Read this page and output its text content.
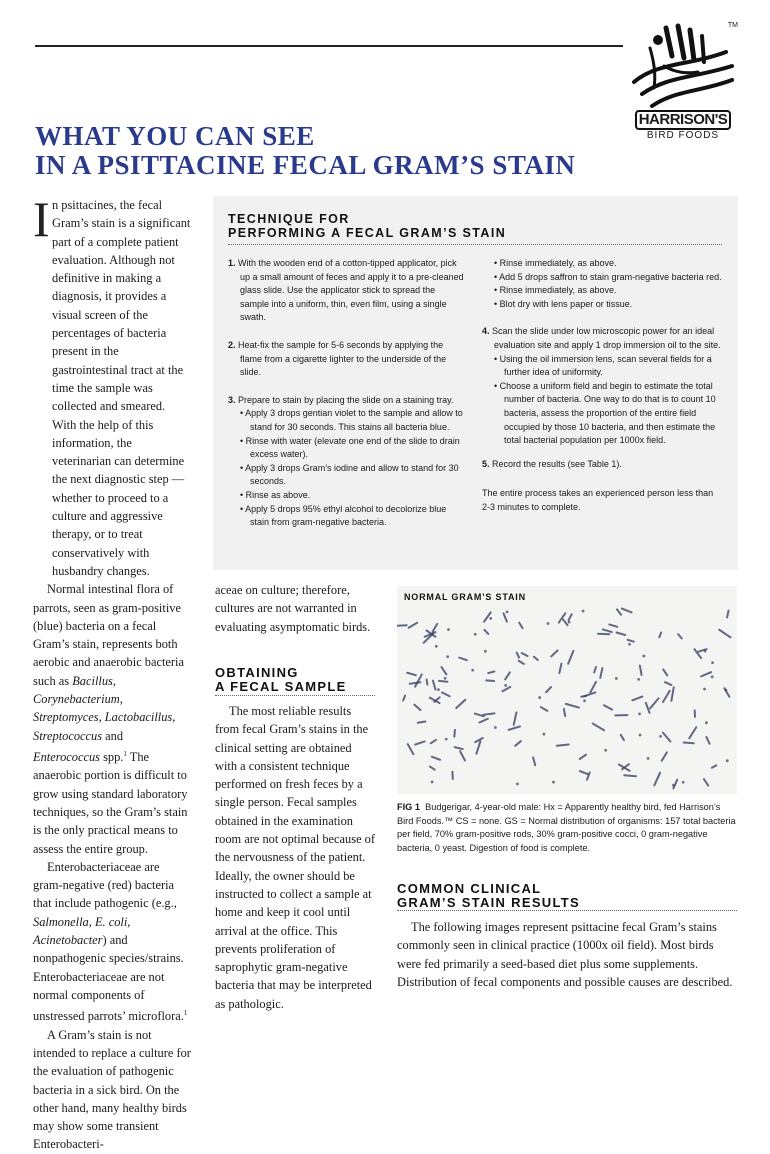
TM
HARRISON'S
BIRD FOODS
WHAT YOU CAN SEE
IN A PSITTACINE FECAL GRAM’S STAIN
I n psittacines, the fecal Gram’s stain is a significant part of a complete patient evaluation. Although not definitive in making a diagnosis, it provides a visual screen of the percentages of bacteria present in the gastrointestinal tract at the time the sample was collected and smeared. With the help of this information, the veterinarian can determine the next diagnostic step — whether to proceed to a culture and aggressive therapy, or to treat conservatively with husbandry changes.

Normal intestinal flora of parrots, seen as gram-positive (blue) bacteria on a fecal Gram’s stain, represents both aerobic and anaerobic bacteria such as Bacillus, Corynebacterium, Streptomyces, Lactobacillus, Streptococcus and Enterococcus spp.$^1$ The anaerobic portion is difficult to grow using standard laboratory techniques, so the Gram’s stain is the only practical means to assess the entire group.

Enterobacteriaceae are gram-negative (red) bacteria that include pathogenic (e.g., Salmonella, E. coli, Acinetobacter) and nonpathogenic species/strains. Enterobacteriaceae are not normal components of unstressed parrots’ microflora.$^1$

A Gram’s stain is not intended to replace a culture for the evaluation of pathogenic bacteria in a sick bird. On the other hand, many healthy birds may show some transient Enterobacteri-

TECHNIQUE FOR
PERFORMING A FECAL GRAM’S STAIN
1. With the wooden end of a cotton-tipped applicator, pick up a small amount of feces and apply it to a pre-cleaned glass slide. Use the applicator stick to spread the sample into a uniform, thin, even film, using a single swath.
2. Heat-fix the sample for 5-6 seconds by applying the flame from a cigarette lighter to the underside of the slide.
3. Prepare to stain by placing the slide on a staining tray.
• Apply 3 drops gentian violet to the sample and allow to stand for 30 seconds. This stains all bacteria blue.
• Rinse with water (elevate one end of the slide to drain excess water).
• Apply 3 drops Gram’s iodine and allow to stand for 30 seconds.
• Rinse as above.
• Apply 5 drops 95% ethyl alcohol to decolorize blue stain from gram-negative bacteria.
• Rinse immediately, as above.
• Add 5 drops saffron to stain gram-negative bacteria red.
• Rinse immediately, as above.
• Blot dry with lens paper or tissue.
4. Scan the slide under low microscopic power for an ideal evaluation site and apply 1 drop immersion oil to the site.
• Using the oil immersion lens, scan several fields for a further idea of uniformity.
• Choose a uniform field and begin to estimate the total number of bacteria. One way to do that is to count 10 bacteria, assess the proportion of the entire field occupied by those 10 bacteria, and then estimate the total bacterial population per 1000x field.
5. Record the results (see Table 1).
The entire process takes an experienced person less than 2-3 minutes to complete.
aceae on culture; therefore, cultures are not warranted in evaluating asymptomatic birds.
OBTAINING
A FECAL SAMPLE
The most reliable results from fecal Gram’s stains in the clinical setting are obtained with a consistent technique performed on fresh feces by a single person. Fecal samples obtained in the examination room are not optimal because of the nervousness of the patient. Ideally, the owner should be instructed to collect a sample at home and keep it cool until arrival at the office. This prevents proliferation of saprophytic gram-negative bacteria that may be interpreted as pathologic.
NORMAL GRAM’S STAIN
FIG 1 Budgerigar, 4-year-old male: Hx = Apparently healthy bird, fed Harrison’s Bird Foods.™ CS = none. GS = Normal distribution of organisms: 157 total bacteria per field, 70% gram-positive rods, 30% gram-positive cocci, 0 gram-negative bacteria, 0 yeast. Digestion of food is complete.
COMMON CLINICAL
GRAM’S STAIN RESULTS
The following images represent psittacine fecal Gram’s stains commonly seen in clinical practice (1000x oil field). Most birds were fed primarily a seed-based diet plus some supplements. Distribution of fecal components and possible causes are described.
